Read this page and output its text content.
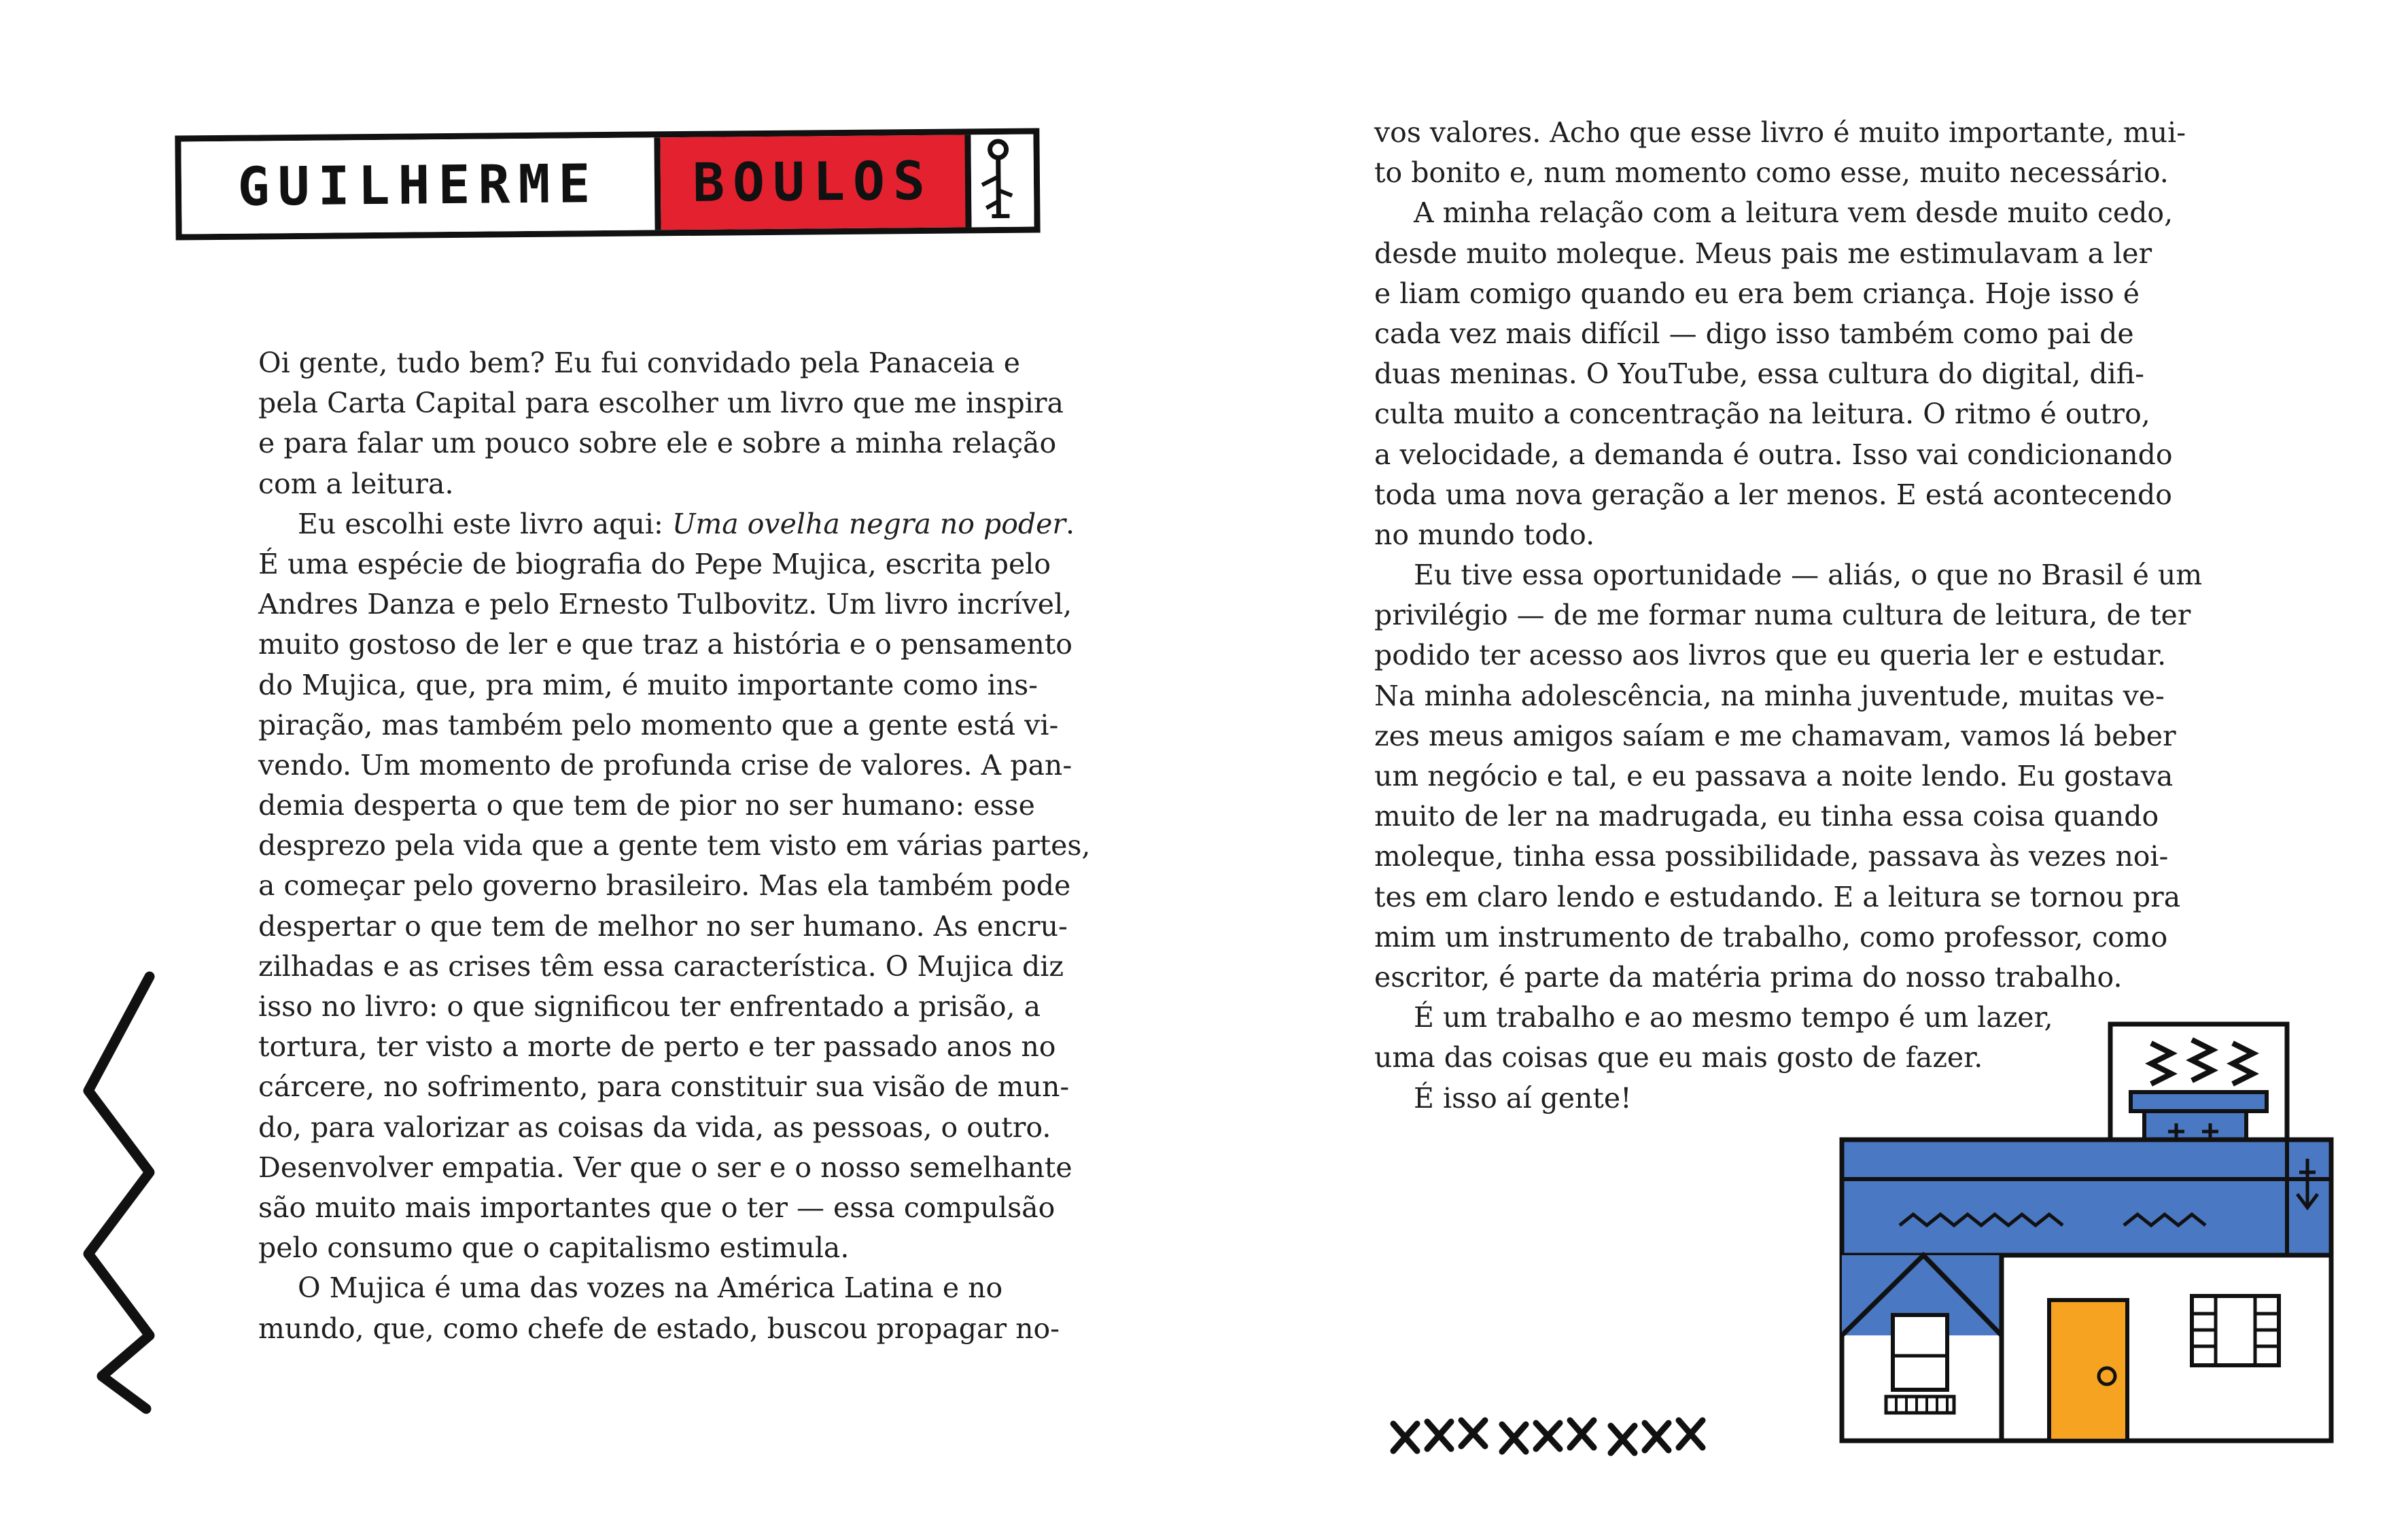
GUILHERME BOULOS
Oi gente, tudo bem? Eu fui convidado pela Panaceia e
pela Carta Capital para escolher um livro que me inspira
e para falar um pouco sobre ele e sobre a minha relação
com a leitura.
Eu escolhi este livro aqui: Uma ovelha negra no poder.
É uma espécie de biografia do Pepe Mujica, escrita pelo
Andres Danza e pelo Ernesto Tulbovitz. Um livro incrível,
muito gostoso de ler e que traz a história e o pensamento
do Mujica, que, pra mim, é muito importante como ins-
piração, mas também pelo momento que a gente está vi-
vendo. Um momento de profunda crise de valores. A pan-
demia desperta o que tem de pior no ser humano: esse
desprezo pela vida que a gente tem visto em várias partes,
a começar pelo governo brasileiro. Mas ela também pode
despertar o que tem de melhor no ser humano. As encru-
zilhadas e as crises têm essa característica. O Mujica diz
isso no livro: o que significou ter enfrentado a prisão, a
tortura, ter visto a morte de perto e ter passado anos no
cárcere, no sofrimento, para constituir sua visão de mun-
do, para valorizar as coisas da vida, as pessoas, o outro.
Desenvolver empatia. Ver que o ser e o nosso semelhante
são muito mais importantes que o ter — essa compulsão
pelo consumo que o capitalismo estimula.
O Mujica é uma das vozes na América Latina e no
mundo, que, como chefe de estado, buscou propagar no-
vos valores. Acho que esse livro é muito importante, mui-
to bonito e, num momento como esse, muito necessário.
A minha relação com a leitura vem desde muito cedo,
desde muito moleque. Meus pais me estimulavam a ler
e liam comigo quando eu era bem criança. Hoje isso é
cada vez mais difícil — digo isso também como pai de
duas meninas. O YouTube, essa cultura do digital, difi-
culta muito a concentração na leitura. O ritmo é outro,
a velocidade, a demanda é outra. Isso vai condicionando
toda uma nova geração a ler menos. E está acontecendo
no mundo todo.
Eu tive essa oportunidade — aliás, o que no Brasil é um
privilégio — de me formar numa cultura de leitura, de ter
podido ter acesso aos livros que eu queria ler e estudar.
Na minha adolescência, na minha juventude, muitas ve-
zes meus amigos saíam e me chamavam, vamos lá beber
um negócio e tal, e eu passava a noite lendo. Eu gostava
muito de ler na madrugada, eu tinha essa coisa quando
moleque, tinha essa possibilidade, passava às vezes noi-
tes em claro lendo e estudando. E a leitura se tornou pra
mim um instrumento de trabalho, como professor, como
escritor, é parte da matéria prima do nosso trabalho.
É um trabalho e ao mesmo tempo é um lazer,
uma das coisas que eu mais gosto de fazer.
É isso aí gente!
